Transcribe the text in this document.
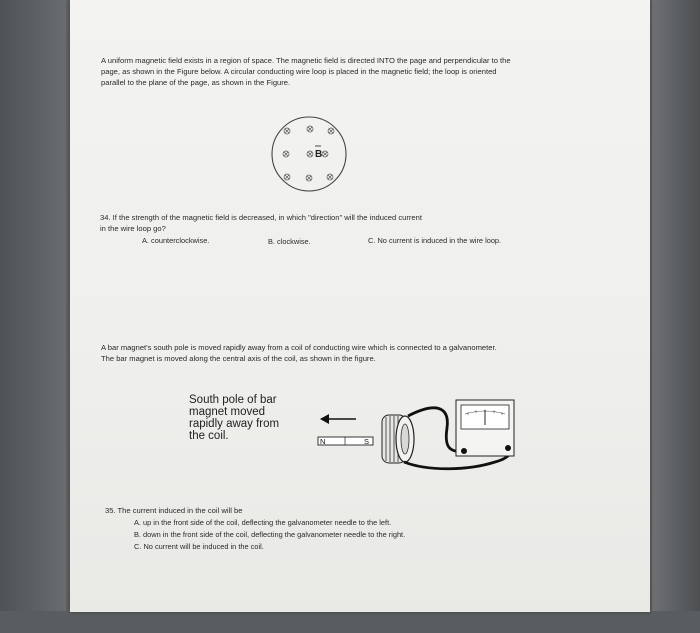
A uniform magnetic field exists in a region of space. The magnetic field is directed INTO the page and perpendicular to the
page, as shown in the Figure below. A circular conducting wire loop is placed in the magnetic field; the loop is oriented
parallel to the plane of the page, as shown in the Figure.
B
34. If the strength of the magnetic field is decreased, in which "direction" will the induced current
in the wire loop go?
A. counterclockwise.	B. clockwise.	C. No current is induced in the wire loop.
A bar magnet's south pole is moved rapidly away from a coil of conducting wire which is connected to a galvanometer.
The bar magnet is moved along the central axis of the coil, as shown in the figure.
South pole of bar
magnet moved
rapidly away from
the coil.	N	S
35. The current induced in the coil will be
A. up in the front side of the coil, deflecting the galvanometer needle to the left.
B. down in the front side of the coil, deflecting the galvanometer needle to the right.
C. No current will be induced in the coil.
